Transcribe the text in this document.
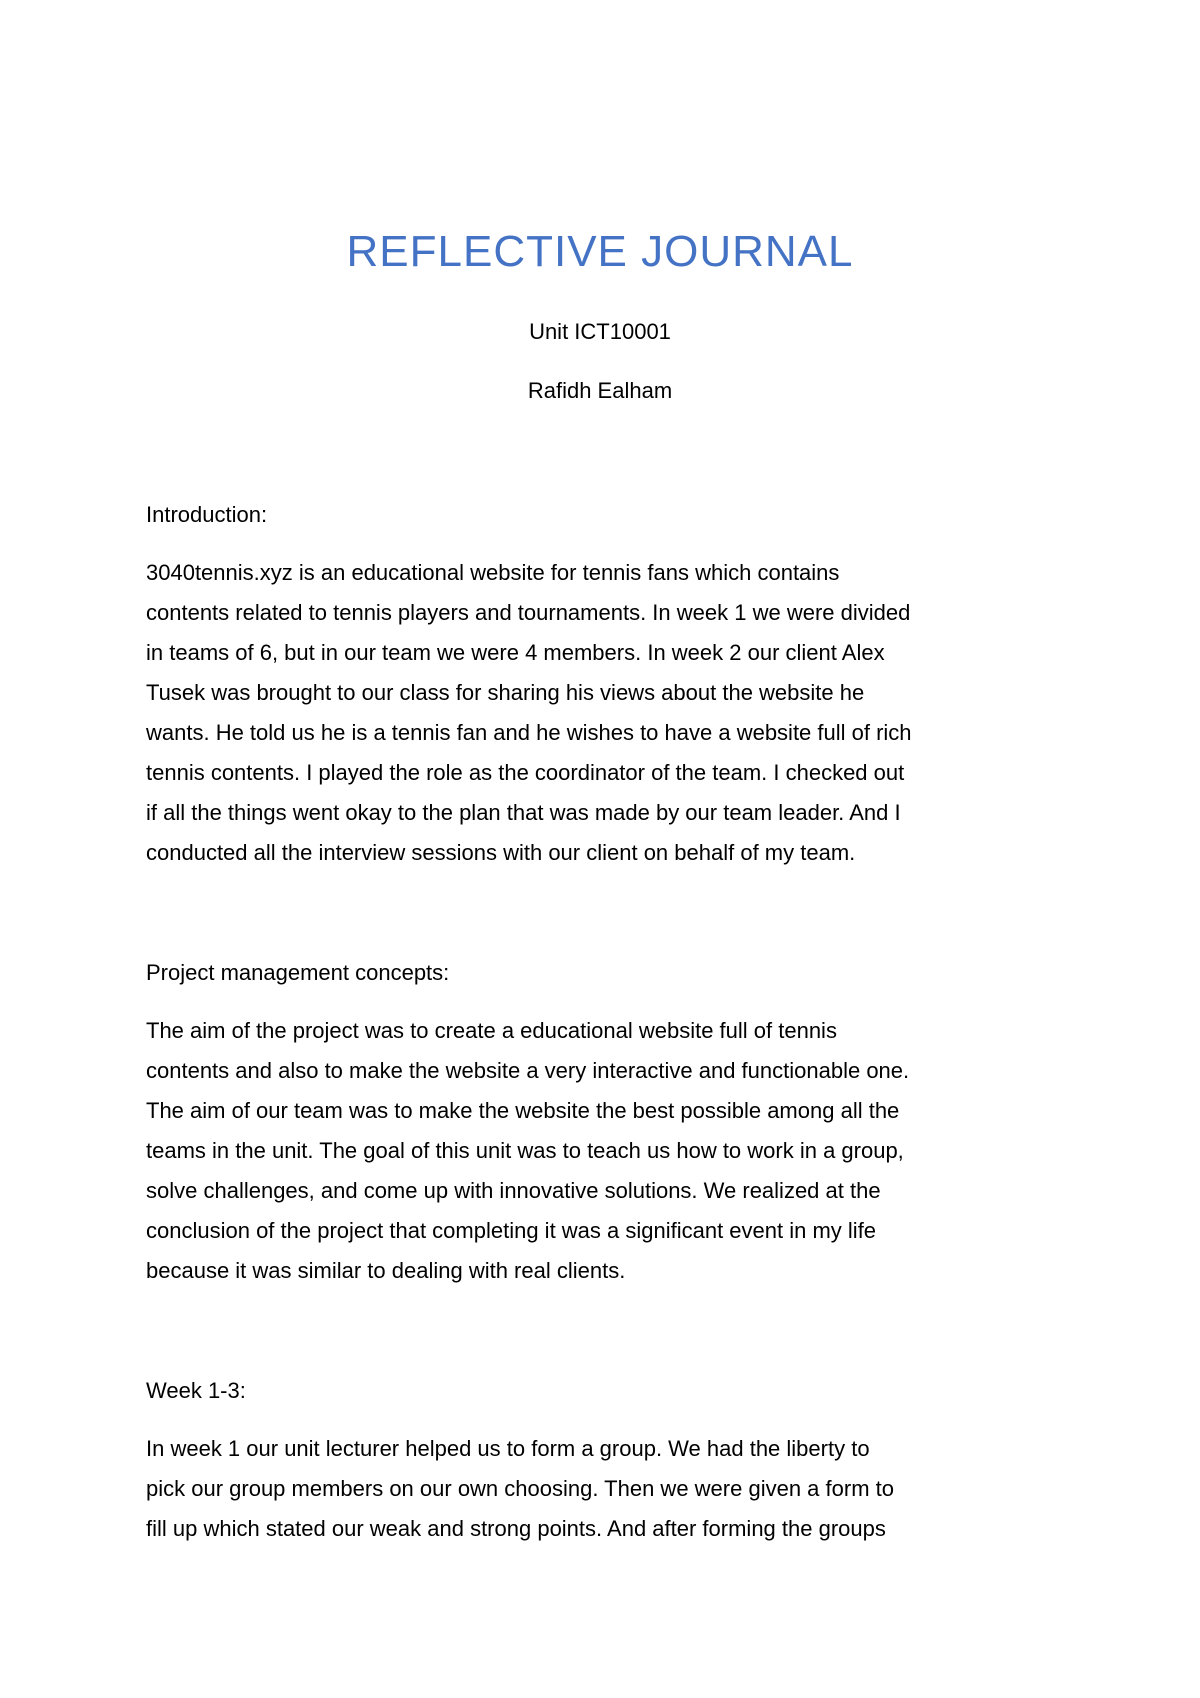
REFLECTIVE JOURNAL
Unit ICT10001
Rafidh Ealham
Introduction:

3040tennis.xyz is an educational website for tennis fans which contains
contents related to tennis players and tournaments. In week 1 we were divided
in teams of 6, but in our team we were 4 members. In week 2 our client Alex
Tusek was brought to our class for sharing his views about the website he
wants. He told us he is a tennis fan and he wishes to have a website full of rich
tennis contents. I played the role as the coordinator of the team. I checked out
if all the things went okay to the plan that was made by our team leader. And I
conducted all the interview sessions with our client on behalf of my team.

Project management concepts:

The aim of the project was to create a educational website full of tennis
contents and also to make the website a very interactive and functionable one.
The aim of our team was to make the website the best possible among all the
teams in the unit. The goal of this unit was to teach us how to work in a group,
solve challenges, and come up with innovative solutions. We realized at the
conclusion of the project that completing it was a significant event in my life
because it was similar to dealing with real clients.

Week 1-3:

In week 1 our unit lecturer helped us to form a group. We had the liberty to
pick our group members on our own choosing. Then we were given a form to
fill up which stated our weak and strong points. And after forming the groups
